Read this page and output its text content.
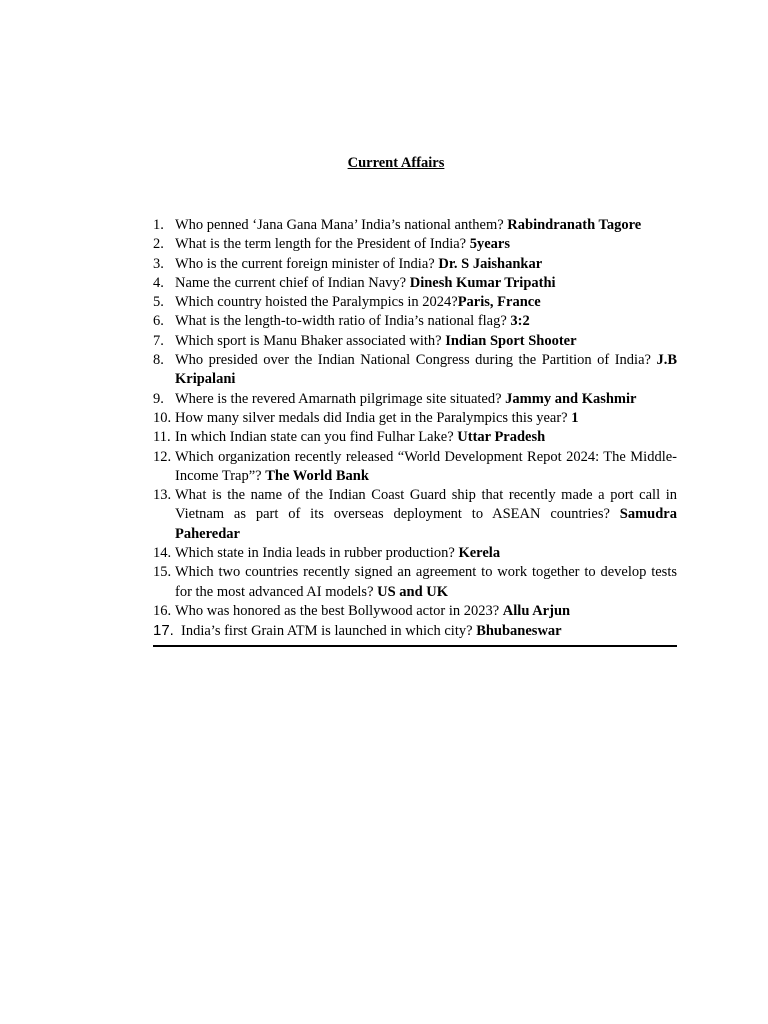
Current Affairs
1. Who penned ‘Jana Gana Mana’ India’s national anthem? Rabindranath Tagore
2. What is the term length for the President of India? 5years
3. Who is the current foreign minister of India? Dr. S Jaishankar
4. Name the current chief of Indian Navy? Dinesh Kumar Tripathi
5. Which country hoisted the Paralympics in 2024?Paris, France
6. What is the length-to-width ratio of India’s national flag? 3:2
7. Which sport is Manu Bhaker associated with? Indian Sport Shooter
8. Who presided over the Indian National Congress during the Partition of India? J.B Kripalani
9. Where is the revered Amarnath pilgrimage site situated? Jammy and Kashmir
10. How many silver medals did India get in the Paralympics this year? 1
11. In which Indian state can you find Fulhar Lake? Uttar Pradesh
12. Which organization recently released “World Development Repot 2024: The Middle-Income Trap”? The World Bank
13. What is the name of the Indian Coast Guard ship that recently made a port call in Vietnam as part of its overseas deployment to ASEAN countries? Samudra Paheredar
14. Which state in India leads in rubber production? Kerela
15. Which two countries recently signed an agreement to work together to develop tests for the most advanced AI models? US and UK
16. Who was honored as the best Bollywood actor in 2023? Allu Arjun
17. India’s first Grain ATM is launched in which city? Bhubaneswar
